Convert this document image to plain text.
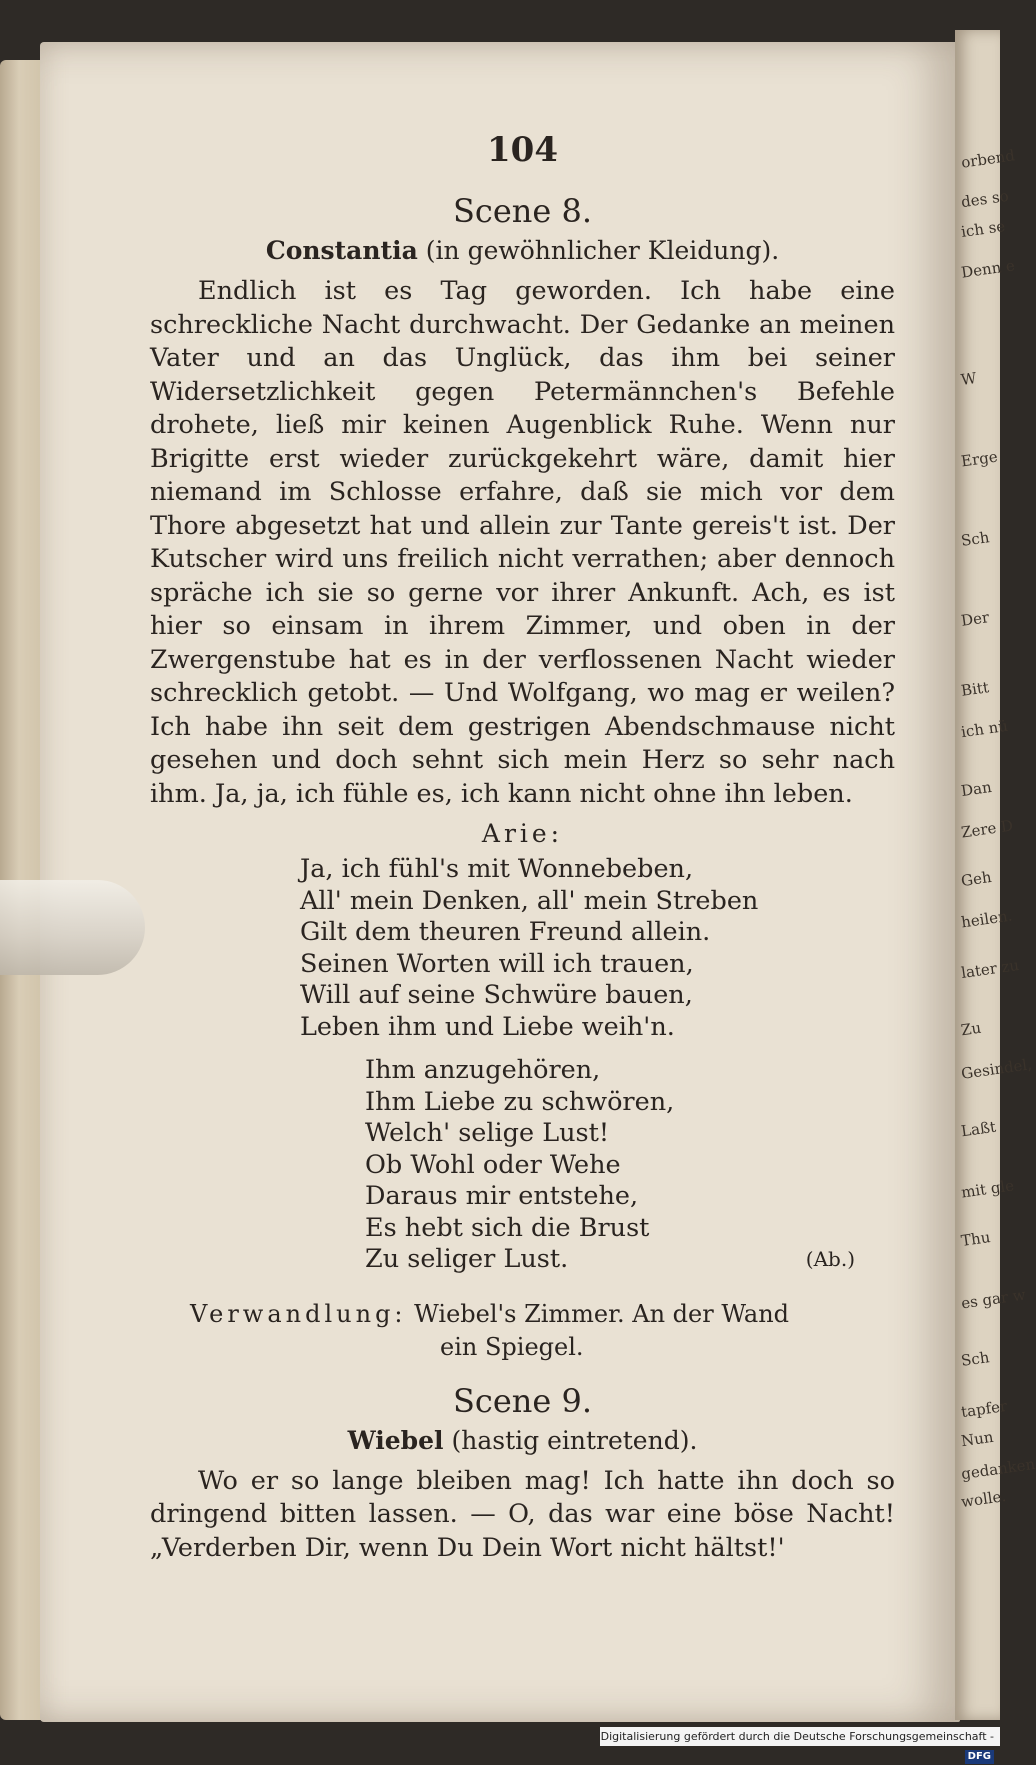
orbend
des so
ich se
Denn e
W
Erge
Sch
Der
Bitt
ich nü
Dan
Zere D
Geh
heilen.
later zu
Zu
Gesindel,
Laßt
mit gle
Thu
es gar w
Sch
tapfer
Nun
gedanken
wolle.
104
Scene 8.
Constantia (in gewöhnlicher Kleidung).

Endlich ist es Tag geworden. Ich habe eine schreckliche Nacht durchwacht. Der Gedanke an meinen Vater und an das Unglück, das ihm bei seiner Widersetzlichkeit gegen Petermännchen's Befehle drohete, ließ mir keinen Augenblick Ruhe. Wenn nur Brigitte erst wieder zurückgekehrt wäre, damit hier niemand im Schlosse erfahre, daß sie mich vor dem Thore abgesetzt hat und allein zur Tante gereis't ist. Der Kutscher wird uns freilich nicht verrathen; aber dennoch spräche ich sie so gerne vor ihrer Ankunft. Ach, es ist hier so einsam in ihrem Zimmer, und oben in der Zwergenstube hat es in der verflossenen Nacht wieder schrecklich getobt. — Und Wolfgang, wo mag er weilen? Ich habe ihn seit dem gestrigen Abendschmause nicht gesehen und doch sehnt sich mein Herz so sehr nach ihm. Ja, ja, ich fühle es, ich kann nicht ohne ihn leben.

Arie:
Ja, ich fühl's mit Wonnebeben,
All' mein Denken, all' mein Streben
Gilt dem theuren Freund allein.
Seinen Worten will ich trauen,
Will auf seine Schwüre bauen,
Leben ihm und Liebe weih'n.
Ihm anzugehören,
Ihm Liebe zu schwören,
Welch' selige Lust!
Ob Wohl oder Wehe
Daraus mir entstehe,
Es hebt sich die Brust
Zu seliger Lust.	(Ab.)
Verwandlung: Wiebel's Zimmer. An der Wand
ein Spiegel.
Scene 9.
Wiebel (hastig eintretend).

Wo er so lange bleiben mag! Ich hatte ihn doch so dringend bitten lassen. — O, das war eine böse Nacht! „Verderben Dir, wenn Du Dein Wort nicht hältst!'

Digitalisierung gefördert durch die Deutsche Forschungsgemeinschaft -DFG
